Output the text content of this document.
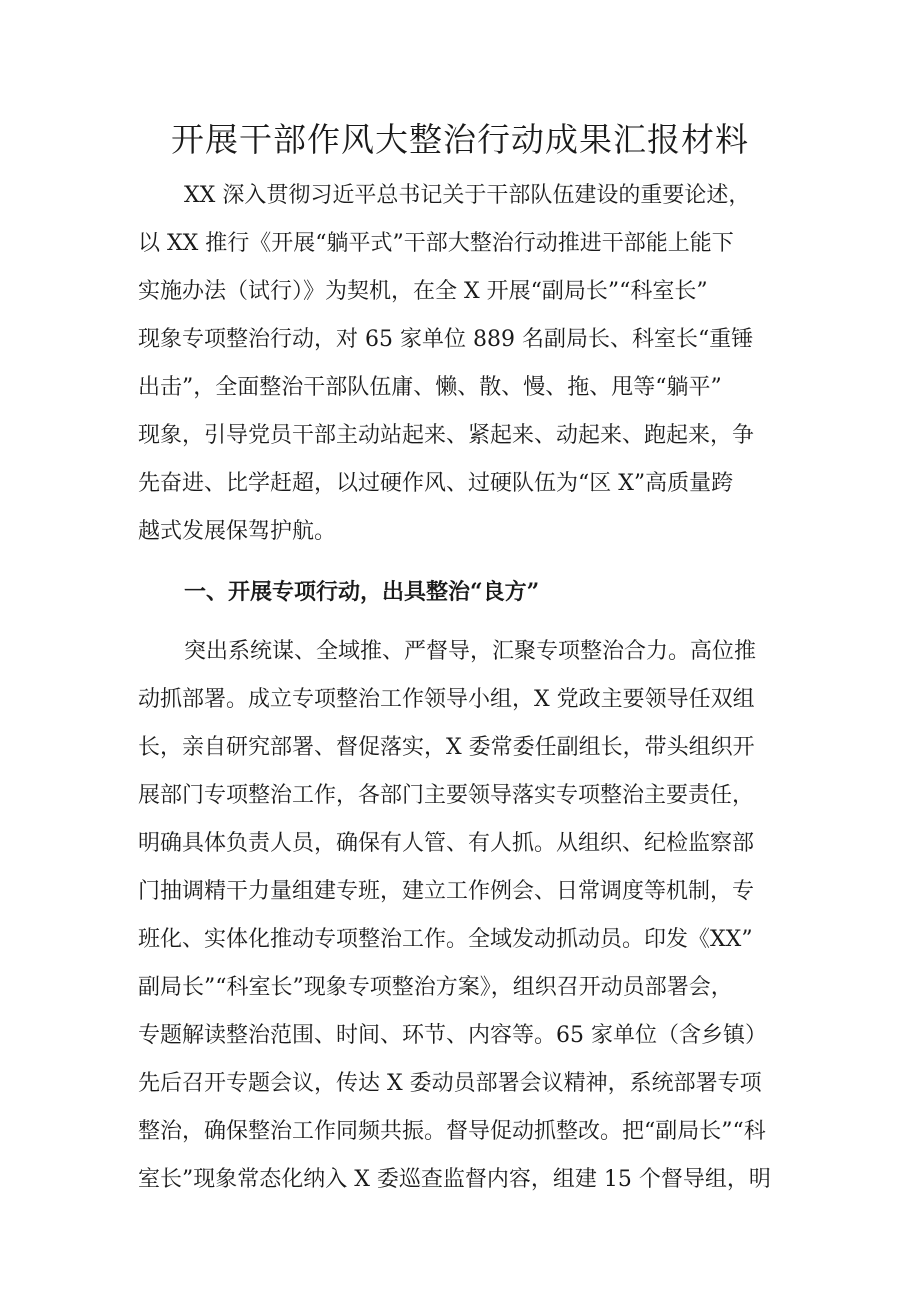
开展干部作风大整治行动成果汇报材料

XX 深入贯彻习近平总书记关于干部队伍建设的重要论述，

以 XX 推行《开展“躺平式”干部大整治行动推进干部能上能下

实施办法（试行）》为契机，在全 X 开展“副局长”“科室长”

现象专项整治行动，对 65 家单位 889 名副局长、科室长“重锤

出击”，全面整治干部队伍庸、懒、散、慢、拖、甩等“躺平”

现象，引导党员干部主动站起来、紧起来、动起来、跑起来，争

先奋进、比学赶超，以过硬作风、过硬队伍为“区 X”高质量跨

越式发展保驾护航。

一、开展专项行动，出具整治“良方”

突出系统谋、全域推、严督导，汇聚专项整治合力。高位推

动抓部署。成立专项整治工作领导小组，X 党政主要领导任双组

长，亲自研究部署、督促落实，X 委常委任副组长，带头组织开

展部门专项整治工作，各部门主要领导落实专项整治主要责任，

明确具体负责人员，确保有人管、有人抓。从组织、纪检监察部

门抽调精干力量组建专班，建立工作例会、日常调度等机制，专

班化、实体化推动专项整治工作。全域发动抓动员。印发《XX”

副局长”“科室长”现象专项整治方案》，组织召开动员部署会，

专题解读整治范围、时间、环节、内容等。65 家单位（含乡镇）

先后召开专题会议，传达 X 委动员部署会议精神，系统部署专项

整治，确保整治工作同频共振。督导促动抓整改。把“副局长”“科

室长”现象常态化纳入 X 委巡查监督内容，组建 15 个督导组，明
